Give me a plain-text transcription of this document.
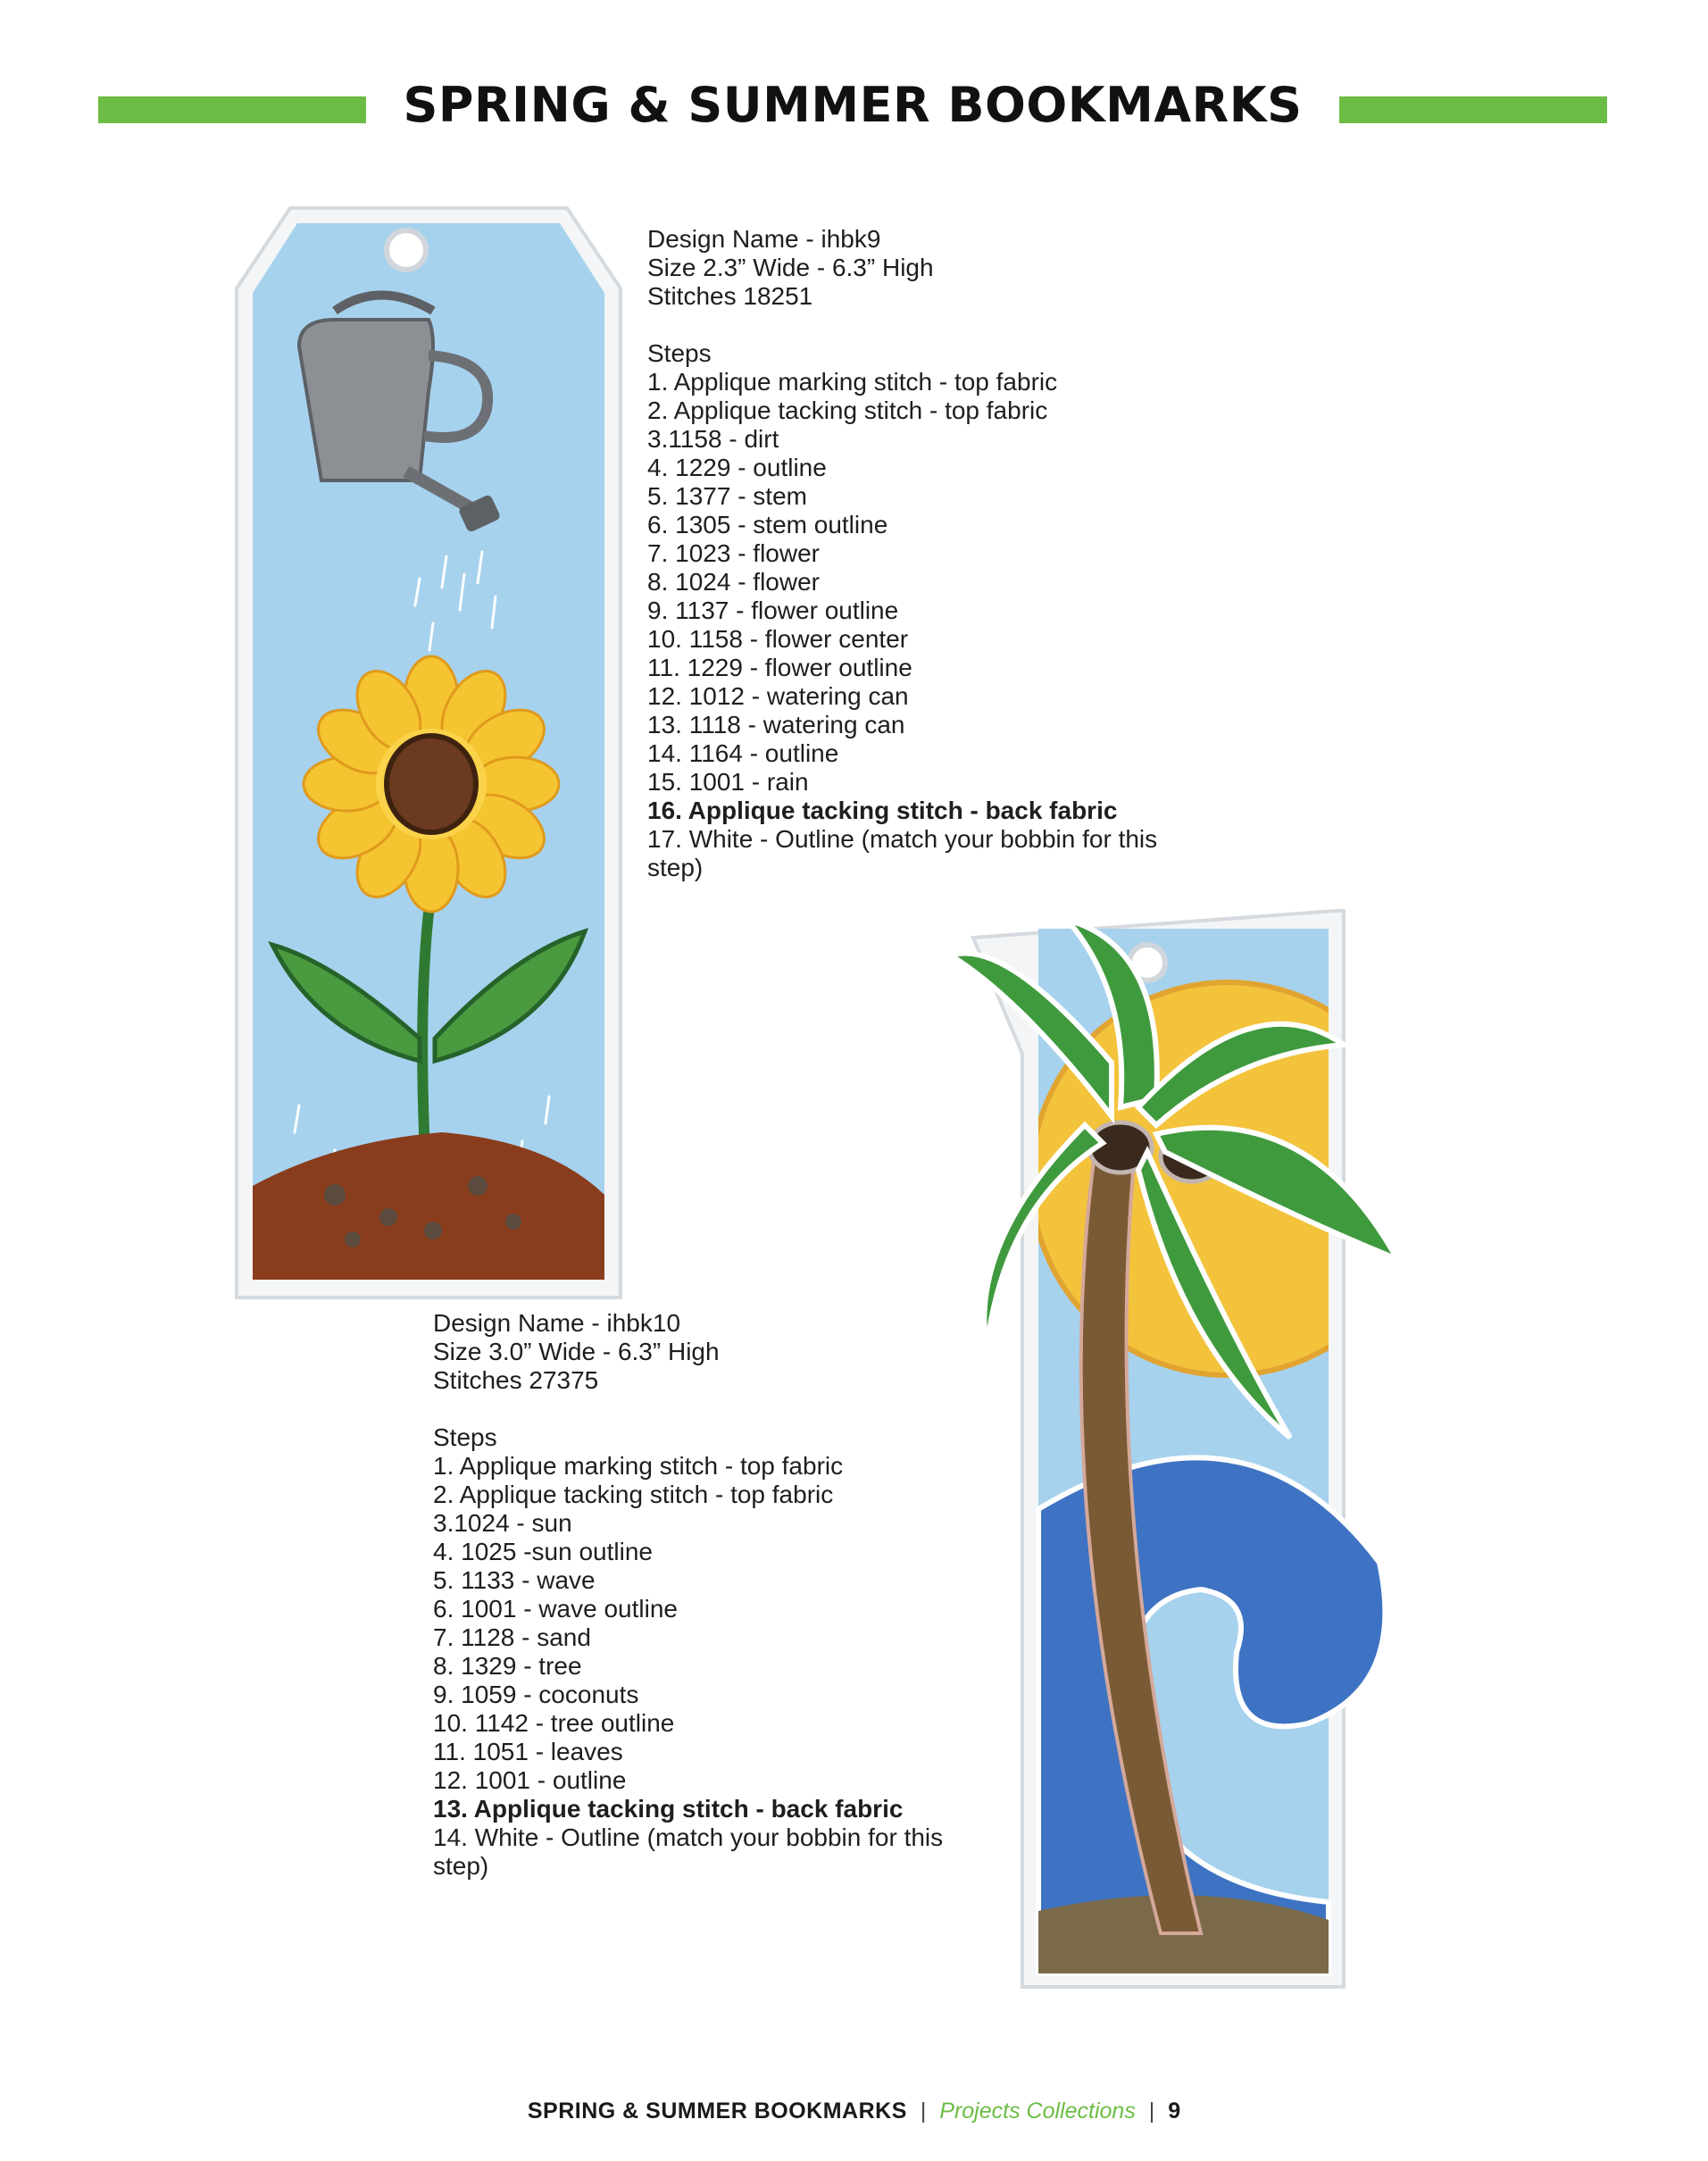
SPRING & SUMMER BOOKMARKS
Design Name - ihbk9
Size 2.3” Wide - 6.3” High
Stitches 18251
Steps
1. Applique marking stitch - top fabric
2. Applique tacking stitch - top fabric
3.1158 - dirt
4. 1229 - outline
5. 1377 - stem
6. 1305 - stem outline
7. 1023 - flower
8. 1024 - flower
9. 1137 - flower outline
10. 1158 - flower center
11. 1229 - flower outline
12. 1012 - watering can
13. 1118 - watering can
14. 1164 - outline
15. 1001 - rain
16. Applique tacking stitch - back fabric
17. White - Outline (match your bobbin for this step)
Design Name - ihbk10
Size 3.0” Wide - 6.3” High
Stitches 27375
Steps
1. Applique marking stitch - top fabric
2. Applique tacking stitch - top fabric
3.1024 - sun
4. 1025 -sun outline
5. 1133 - wave
6. 1001 - wave outline
7. 1128 - sand
8. 1329 - tree
9. 1059 - coconuts
10. 1142 - tree outline
11. 1051 - leaves
12. 1001 - outline
13. Applique tacking stitch - back fabric
14. White - Outline (match your bobbin for this step)
SPRING & SUMMER BOOKMARKS | Projects Collections | 9
